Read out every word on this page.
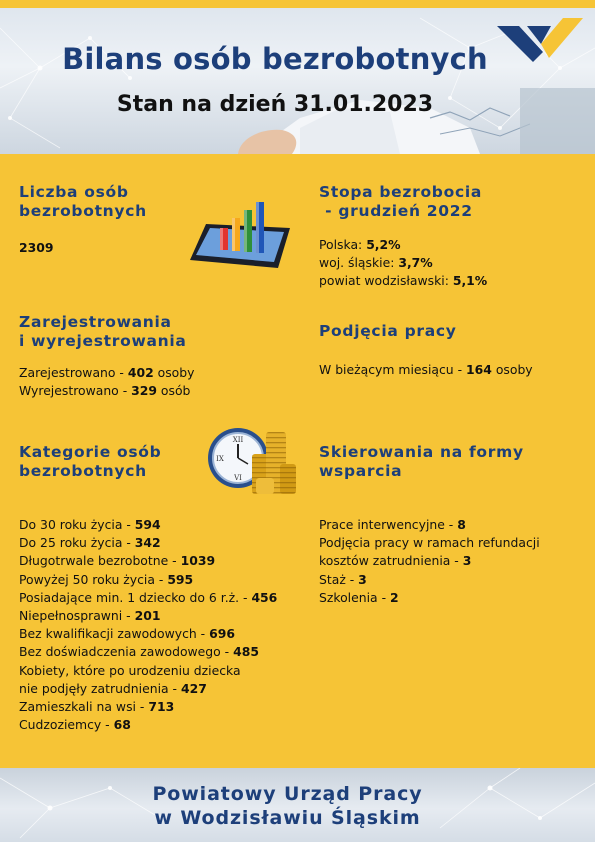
Bilans osób bezrobotnych
Stan na dzień 31.01.2023
Liczba osób
bezrobotnych
2309
Stopa bezrobocia
- grudzień 2022
Polska: 5,2%
woj. śląskie: 3,7%
powiat wodzisławski: 5,1%
Zarejestrowania
i wyrejestrowania
Zarejestrowano - 402 osoby
Wyrejestrowano - 329 osób
Podjęcia pracy
W bieżącym miesiącu - 164 osoby
Kategorie osób
bezrobotnych
XII
VI
IX
Do 30 roku życia - 594
Do 25 roku życia - 342
Długotrwale bezrobotne - 1039
Powyżej 50 roku życia - 595
Posiadające min. 1 dziecko do 6 r.ż. - 456
Niepełnosprawni - 201
Bez kwalifikacji zawodowych - 696
Bez doświadczenia zawodowego - 485
Kobiety, które po urodzeniu dziecka
nie podjęły zatrudnienia - 427
Zamieszkali na wsi - 713
Cudzoziemcy - 68
Skierowania na formy
wsparcia
Prace interwencyjne - 8
Podjęcia pracy w ramach refundacji
kosztów zatrudnienia - 3
Staż - 3
Szkolenia - 2
Powiatowy Urząd Pracy
w Wodzisławiu Śląskim
